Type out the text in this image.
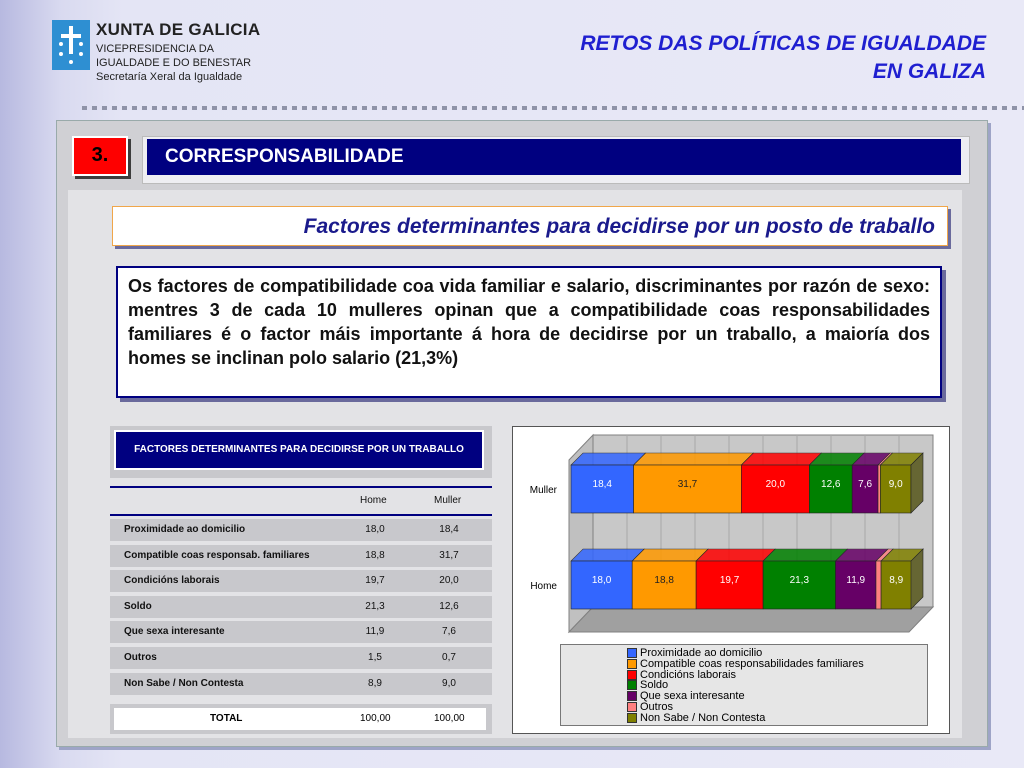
XUNTA DE GALICIA
VICEPRESIDENCIA DA
IGUALDADE E DO BENESTAR
Secretaría Xeral da Igualdade
RETOS DAS POLÍTICAS DE IGUALDADE
EN GALIZA
3.	CORRESPONSABILIDADE
Factores determinantes para decidirse por un posto de traballo
Os factores de compatibilidade coa vida familiar e salario, discriminantes por razón de sexo: mentres 3 de cada 10 mulleres opinan que a compatibilidade coas responsabilidades familiares é o factor máis importante á hora de decidirse por un traballo, a maioría dos homes se inclinan polo salario (21,3%)
FACTORES DETERMINANTES PARA DECIDIRSE POR UN TRABALLO
Home	Muller
Proximidade ao domicilio	18,0	18,4
Compatible coas responsab. familiares	18,8	31,7
Condicións laborais	19,7	20,0
Soldo	21,3	12,6
Que sexa interesante	11,9	7,6
Outros	1,5	0,7
Non Sabe / Non Contesta	8,9	9,0
TOTAL	100,00	100,00
Muller
18,4	31,7	20,0	12,6 7,6 9,0
Home
18,0	18,8	19,7	21,3	11,9 8,9
Proximidade ao domicilio
Compatible coas responsabilidades familiares
Condicións laborais
Soldo
Que sexa interesante
Outros
Non Sabe / Non Contesta
